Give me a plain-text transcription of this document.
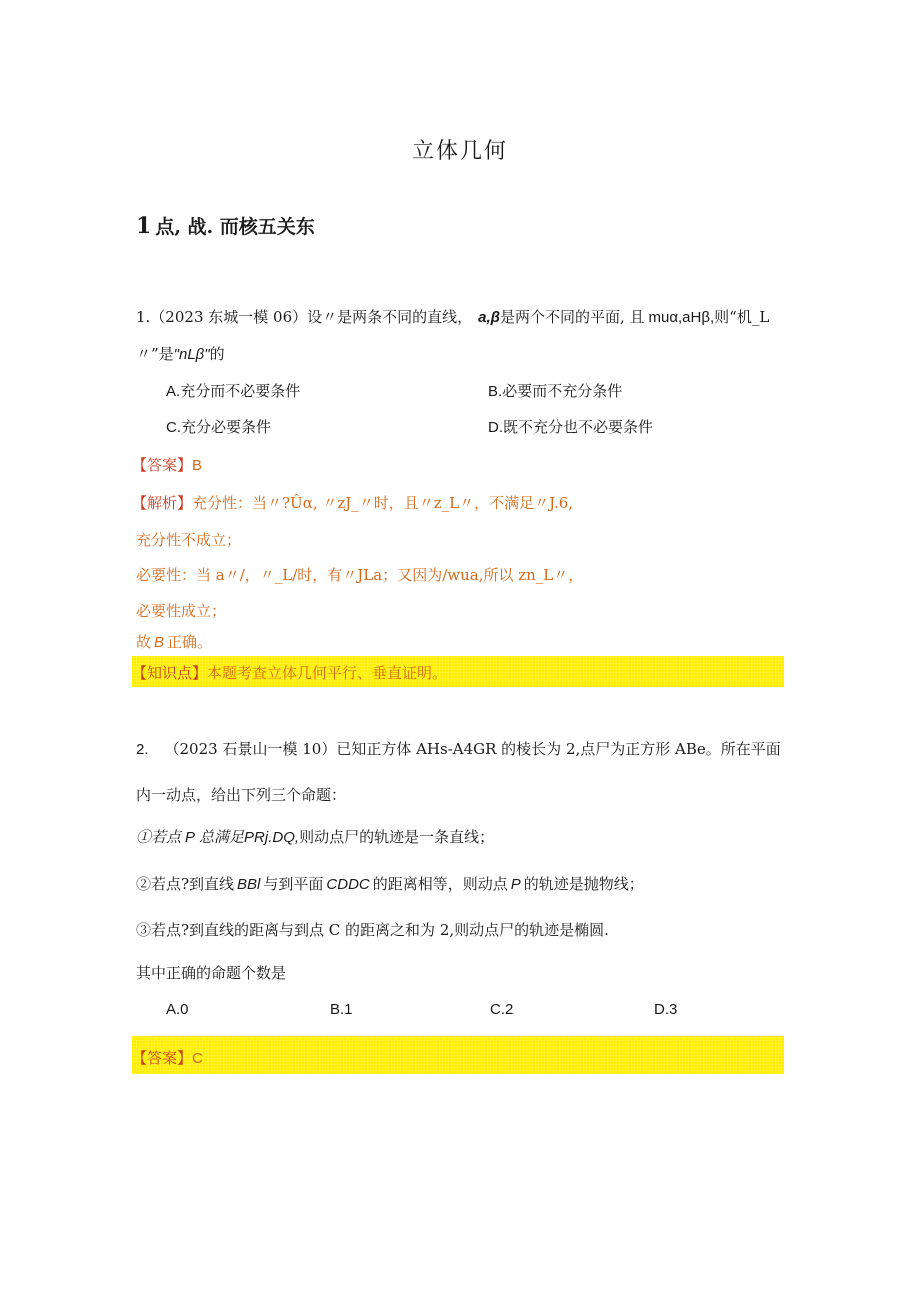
立体几何
1 点, 战. 而核五关东
1.（2023 东城一模 06）设〃是两条不同的直线， a,β是两个不同的平面, 且 muα,aHβ,则“机_L
〃”是"nLβ"的
A.充分而不必要条件	B.必要而不充分条件
C.充分必要条件	D.既不充分也不必要条件
【答案】B
【解析】充分性：当〃?Ûα, 〃zJ_〃时，且〃z_L〃，不满足〃J.6,
充分性不成立；
必要性：当 a〃/，〃_L/时，有〃JLa；又因为∕wua,所以 zn_L〃，
必要性成立；
故 B 正确。
【知识点】本题考查立体几何平行、垂直证明。
2. （2023 石景山一模 10）已知正方体 AHs-A4GR 的棱长为 2,点尸为正方形 ABe。所在平面
内一动点，给出下列三个命题：
①若点 P 总满足PRj.DQ,则动点尸的轨迹是一条直线；
②若点?到直线 BBl 与到平面 CDDC 的距离相等，则动点 P 的轨迹是抛物线；
③若点?到直线的距离与到点 C 的距离之和为 2,则动点尸的轨迹是椭圆.
其中正确的命题个数是
A.0	B.1	C.2	D.3
【答案】C
